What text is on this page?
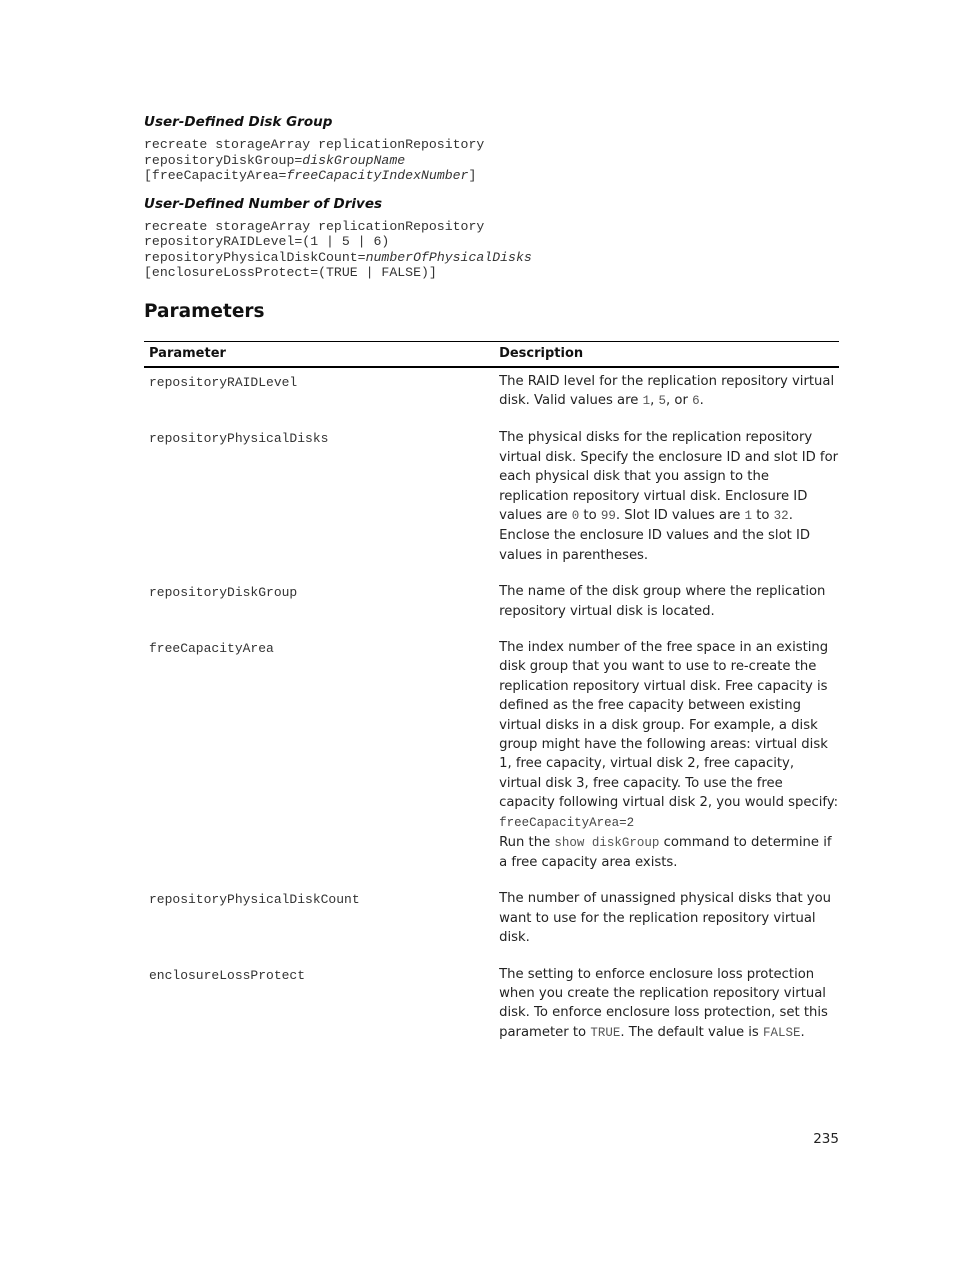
User-Defined Disk Group
recreate storageArray replicationRepository
repositoryDiskGroup=diskGroupName
[freeCapacityArea=freeCapacityIndexNumber]
User-Defined Number of Drives
recreate storageArray replicationRepository
repositoryRAIDLevel=(1 | 5 | 6)
repositoryPhysicalDiskCount=numberOfPhysicalDisks
[enclosureLossProtect=(TRUE | FALSE)]
Parameters
Parameter	Description
repositoryRAIDLevel	The RAID level for the replication repository virtual disk. Valid values are 1, 5, or 6.
repositoryPhysicalDisks	The physical disks for the replication repository virtual disk. Specify the enclosure ID and slot ID for each physical disk that you assign to the replication repository virtual disk. Enclosure ID values are 0 to 99. Slot ID values are 1 to 32. Enclose the enclosure ID values and the slot ID values in parentheses.
repositoryDiskGroup	The name of the disk group where the replication repository virtual disk is located.
freeCapacityArea	The index number of the free space in an existing disk group that you want to use to re-create the replication repository virtual disk. Free capacity is defined as the free capacity between existing virtual disks in a disk group. For example, a disk group might have the following areas: virtual disk 1, free capacity, virtual disk 2, free capacity, virtual disk 3, free capacity. To use the free capacity following virtual disk 2, you would specify:
freeCapacityArea=2
Run the show diskGroup command to determine if a free capacity area exists.
repositoryPhysicalDiskCount	The number of unassigned physical disks that you want to use for the replication repository virtual disk.
enclosureLossProtect	The setting to enforce enclosure loss protection when you create the replication repository virtual disk. To enforce enclosure loss protection, set this parameter to TRUE. The default value is FALSE.
235
